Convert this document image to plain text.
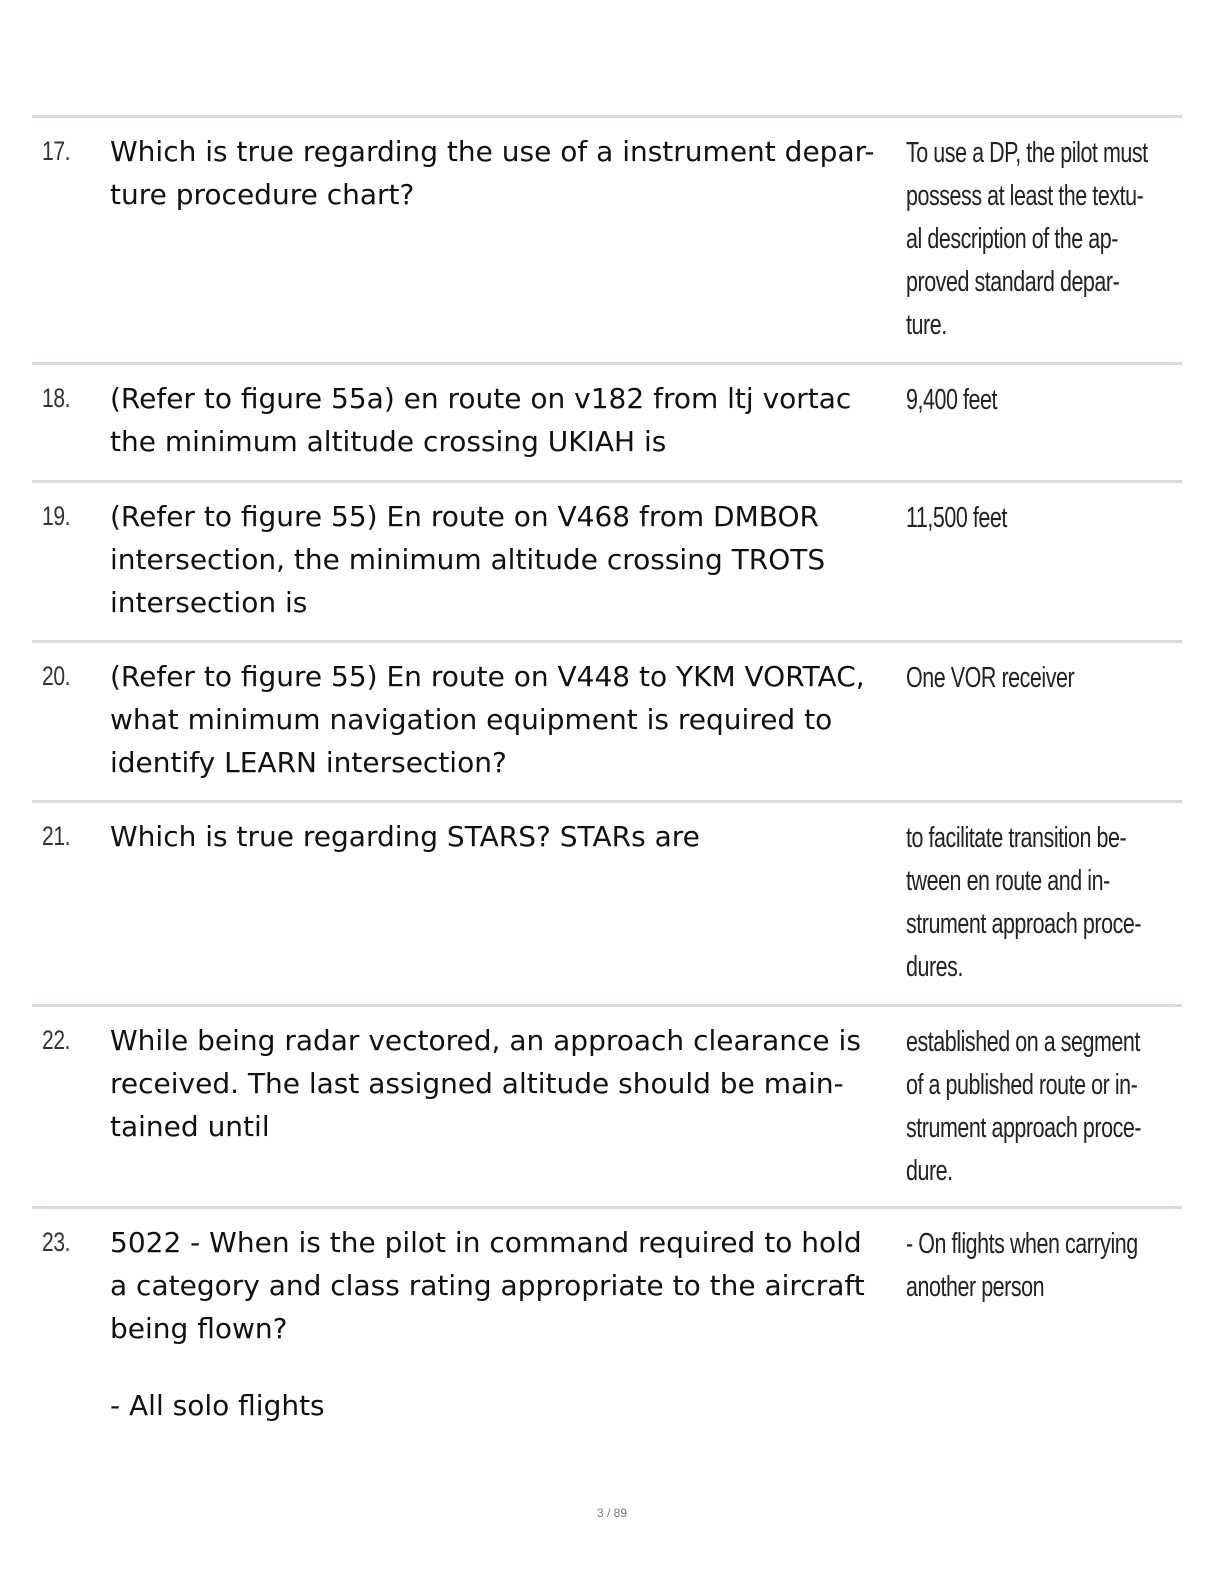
17. Which is true regarding the use of a instrument depar-
ture procedure chart?
To use a DP, the pilot must
possess at least the textu-
al description of the ap-
proved standard depar-
ture.
18. (Refer to figure 55a) en route on v182 from ltj vortac
the minimum altitude crossing UKIAH is
9,400 feet
19. (Refer to figure 55) En route on V468 from DMBOR
intersection, the minimum altitude crossing TROTS
intersection is
11,500 feet
20. (Refer to figure 55) En route on V448 to YKM VORTAC,
what minimum navigation equipment is required to
identify LEARN intersection?
One VOR receiver
21. Which is true regarding STARS? STARs are	to facilitate transition be-
tween en route and in-
strument approach proce-
dures.
22. While being radar vectored, an approach clearance is
received. The last assigned altitude should be main-
tained until
established on a segment
of a published route or in-
strument approach proce-
dure.
23. 5022 - When is the pilot in command required to hold
a category and class rating appropriate to the aircraft
being flown?

- All solo flights

- On flights when carrying
another person
3 / 89
